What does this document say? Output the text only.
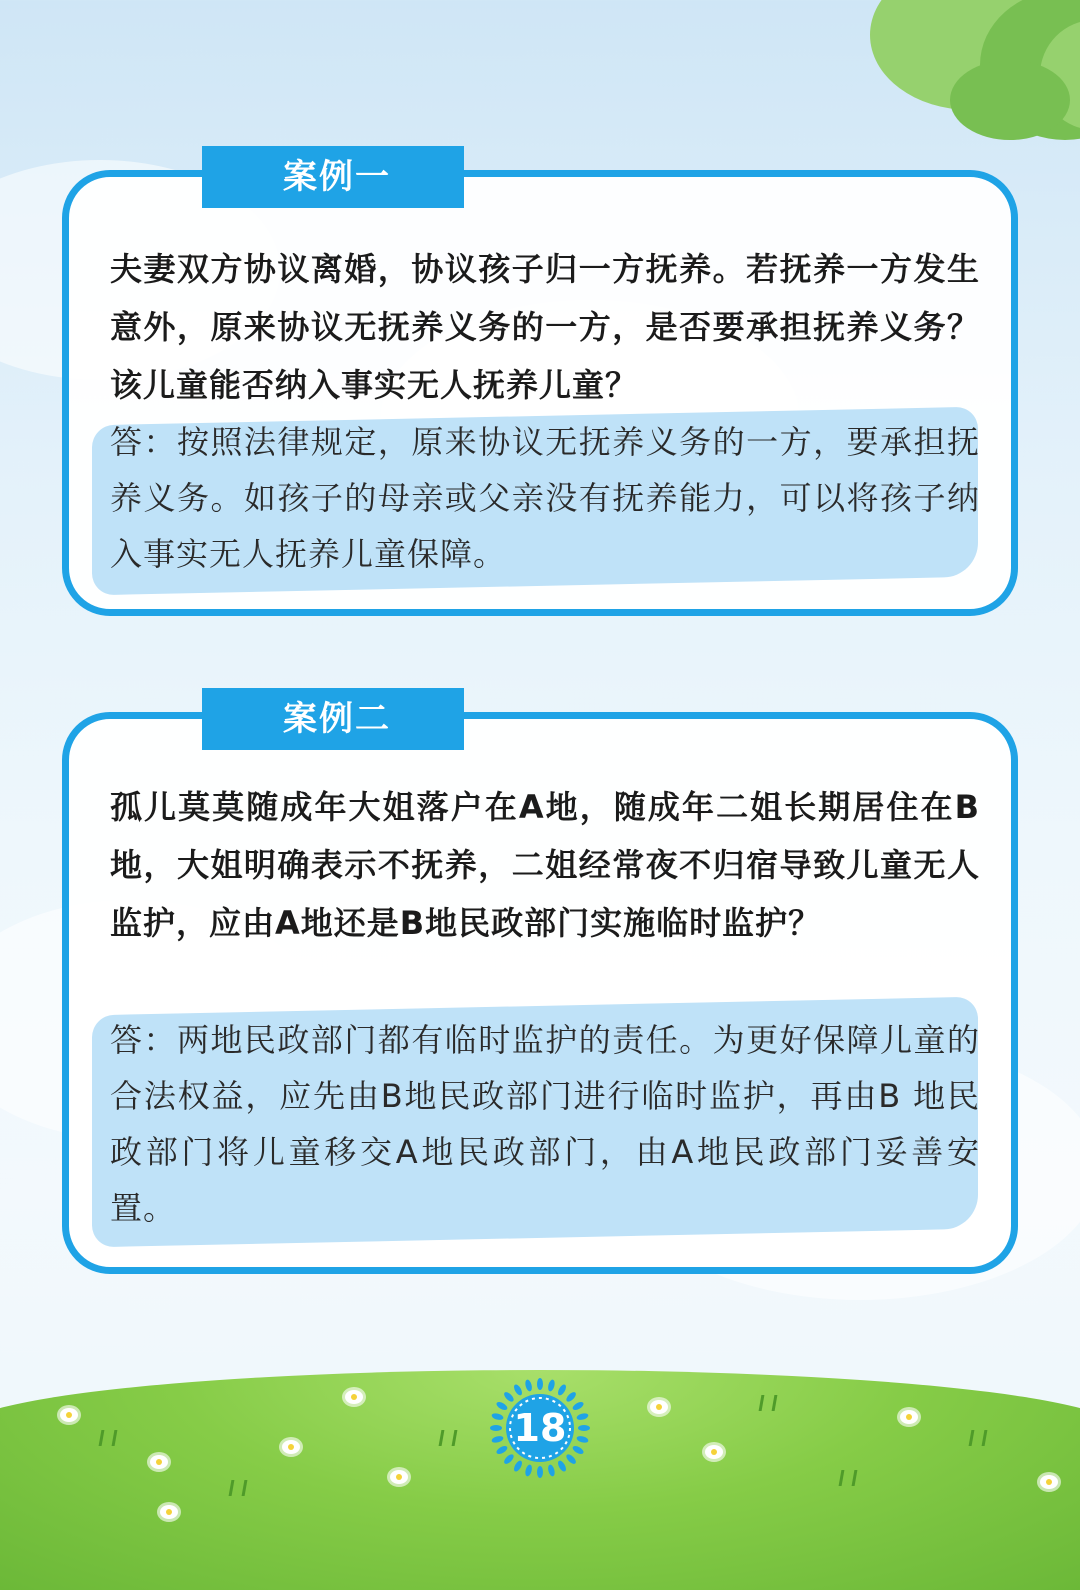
案例一
夫妻双方协议离婚，协议孩子归一方抚养。若抚养一方发生意外，原来协议无抚养义务的一方，是否要承担抚养义务？该儿童能否纳入事实无人抚养儿童？
答：按照法律规定，原来协议无抚养义务的一方，要承担抚养义务。如孩子的母亲或父亲没有抚养能力，可以将孩子纳入事实无人抚养儿童保障。
案例二
孤儿莫莫随成年大姐落户在A地，随成年二姐长期居住在B地，大姐明确表示不抚养，二姐经常夜不归宿导致儿童无人监护，应由A地还是B地民政部门实施临时监护？
答：两地民政部门都有临时监护的责任。为更好保障儿童的合法权益，应先由B地民政部门进行临时监护，再由B 地民政部门将儿童移交A地民政部门，由A地民政部门妥善安置。
18
